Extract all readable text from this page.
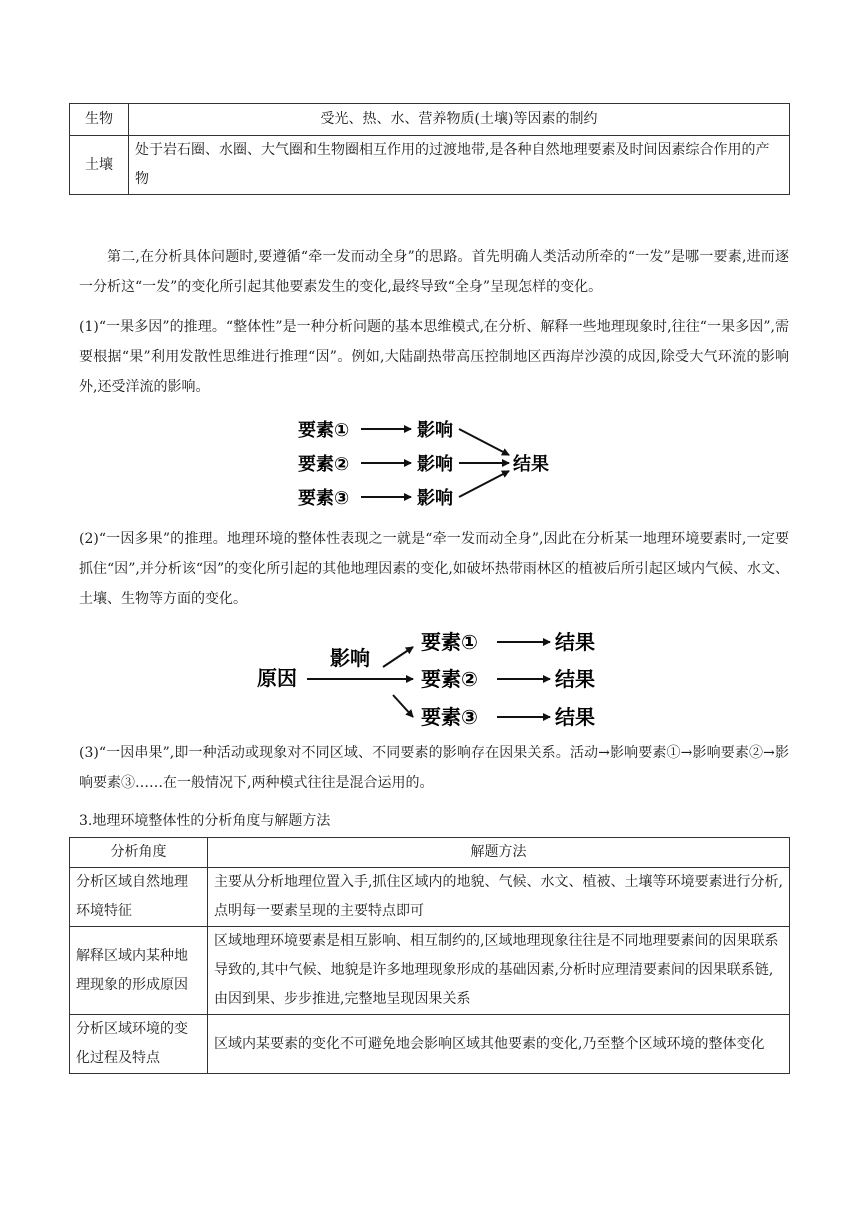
生物	受光、热、水、营养物质(土壤)等因素的制约
土壤	处于岩石圈、水圈、大气圈和生物圈相互作用的过渡地带,是各种自然地理要素及时间因素综合作用的产物

第二,在分析具体问题时,要遵循“牵一发而动全身”的思路。首先明确人类活动所牵的“一发”是哪一要素,进而逐一分析这“一发”的变化所引起其他要素发生的变化,最终导致“全身”呈现怎样的变化。

(1)“一果多因”的推理。“整体性”是一种分析问题的基本思维模式,在分析、解释一些地理现象时,往往“一果多因”,需要根据“果”利用发散性思维进行推理“因”。例如,大陆副热带高压控制地区西海岸沙漠的成因,除受大气环流的影响外,还受洋流的影响。

要素①
要素②
要素③
影响
影响
影响
结果

(2)“一因多果”的推理。地理环境的整体性表现之一就是“牵一发而动全身”,因此在分析某一地理环境要素时,一定要抓住“因”,并分析该“因”的变化所引起的其他地理因素的变化,如破坏热带雨林区的植被后所引起区域内气候、水文、土壤、生物等方面的变化。

原因
影响
要素①
要素②
要素③
结果
结果
结果

(3)“一因串果”,即一种活动或现象对不同区域、不同要素的影响存在因果关系。活动→影响要素①→影响要素②→影响要素③……在一般情况下,两种模式往往是混合运用的。

3.地理环境整体性的分析角度与解题方法

分析角度	解题方法
分析区域自然地理环境特征	主要从分析地理位置入手,抓住区域内的地貌、气候、水文、植被、土壤等环境要素进行分析,点明每一要素呈现的主要特点即可
解释区域内某种地理现象的形成原因	区域地理环境要素是相互影响、相互制约的,区域地理现象往往是不同地理要素间的因果联系导致的,其中气候、地貌是许多地理现象形成的基础因素,分析时应理清要素间的因果联系链,由因到果、步步推进,完整地呈现因果关系
分析区域环境的变化过程及特点	区域内某要素的变化不可避免地会影响区域其他要素的变化,乃至整个区域环境的整体变化
